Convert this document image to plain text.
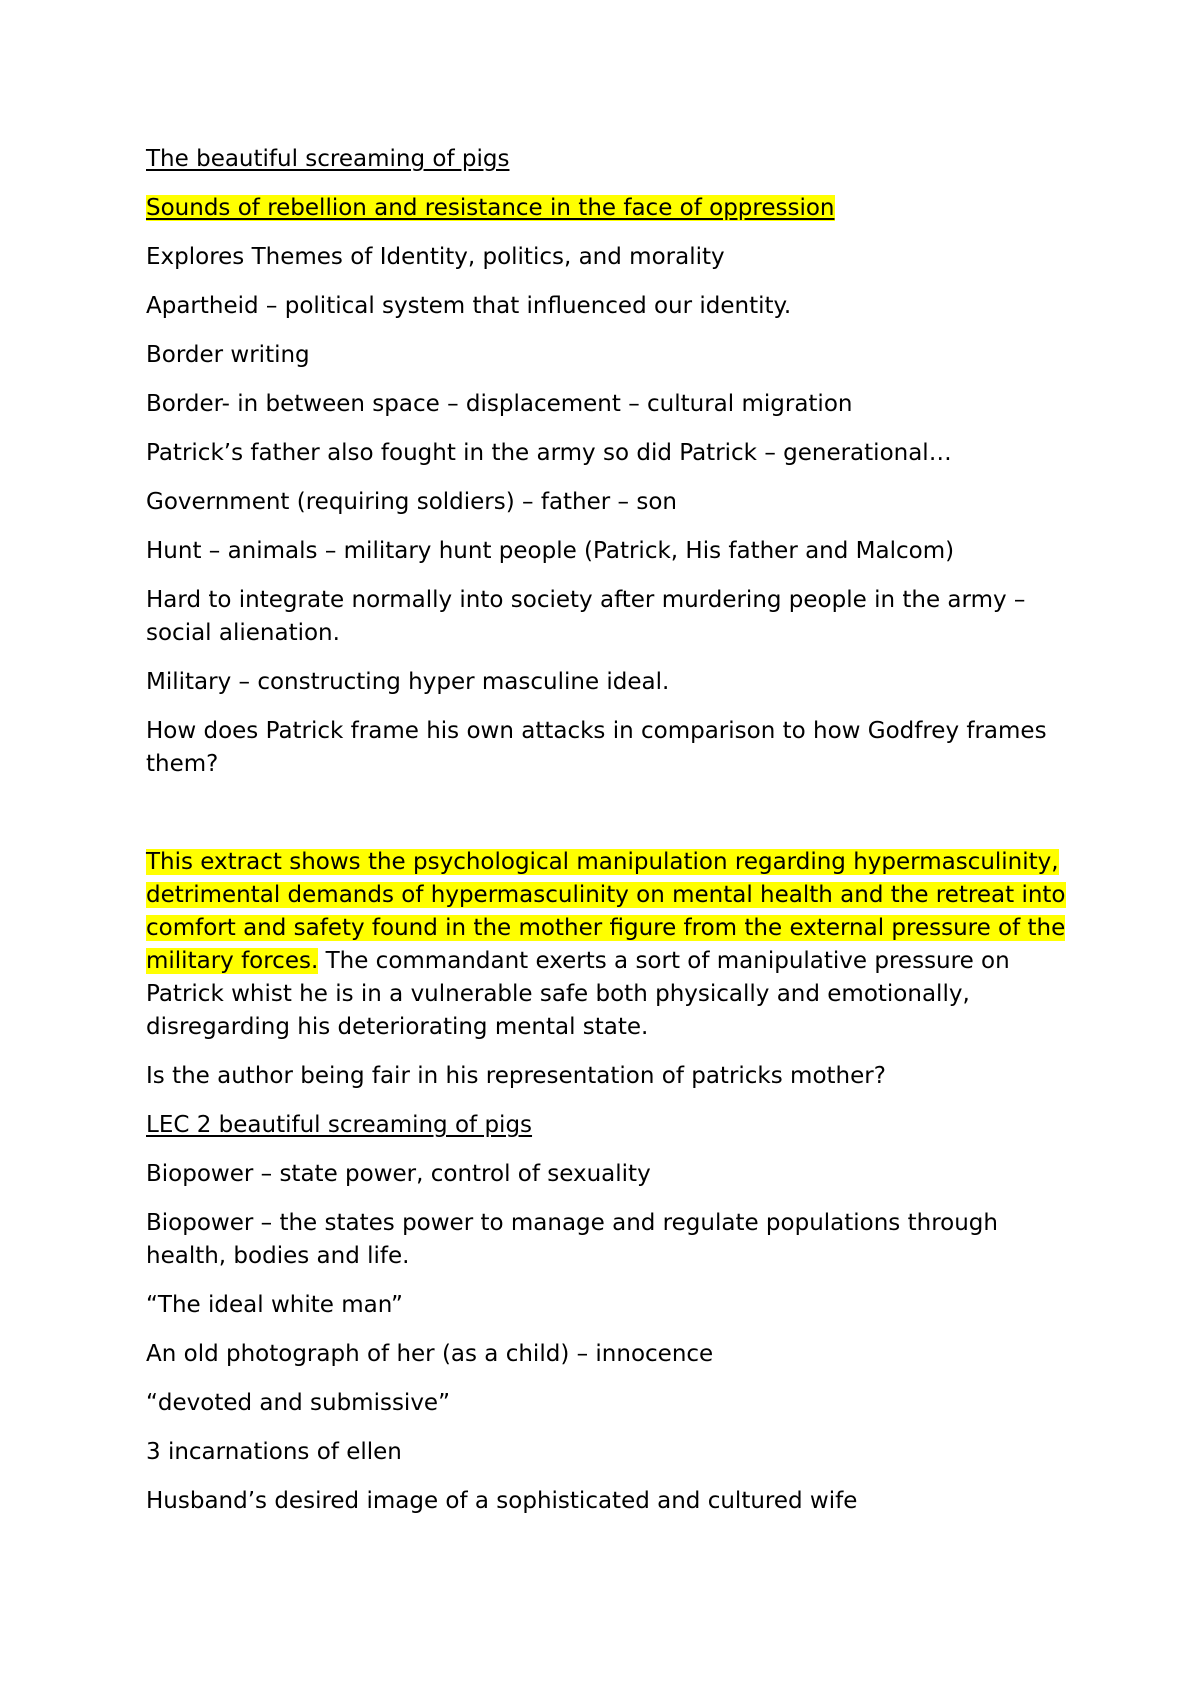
The beautiful screaming of pigs

Sounds of rebellion and resistance in the face of oppression

Explores Themes of Identity, politics, and morality

Apartheid – political system that influenced our identity.

Border writing

Border- in between space – displacement – cultural migration

Patrick’s father also fought in the army so did Patrick – generational…

Government (requiring soldiers) – father – son

Hunt – animals – military hunt people (Patrick, His father and Malcom)

Hard to integrate normally into society after murdering people in the army – social alienation.

Military – constructing hyper masculine ideal.

How does Patrick frame his own attacks in comparison to how Godfrey frames them?

This extract shows the psychological manipulation regarding hypermasculinity, detrimental demands of hypermasculinity on mental health and the retreat into comfort and safety found in the mother figure from the external pressure of the military forces. The commandant exerts a sort of manipulative pressure on Patrick whist he is in a vulnerable safe both physically and emotionally, disregarding his deteriorating mental state.

Is the author being fair in his representation of patricks mother?

LEC 2 beautiful screaming of pigs

Biopower – state power, control of sexuality

Biopower – the states power to manage and regulate populations through health, bodies and life.

“The ideal white man”

An old photograph of her (as a child) – innocence

“devoted and submissive”

3 incarnations of ellen

Husband’s desired image of a sophisticated and cultured wife
